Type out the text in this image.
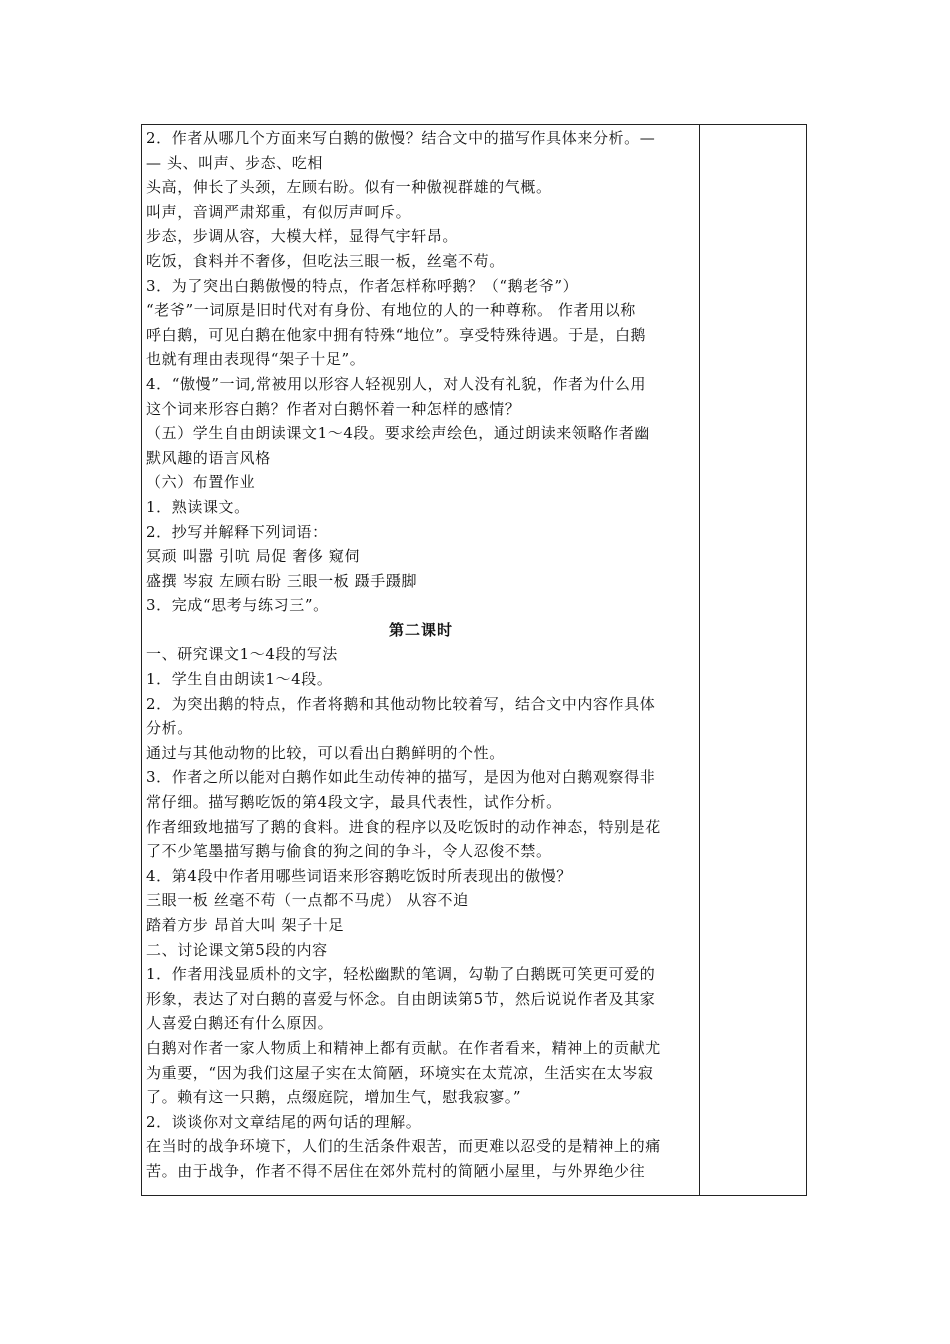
2．作者从哪几个方面来写白鹅的傲慢？结合文中的描写作具体来分析。—
— 头、叫声、步态、吃相
头高，伸长了头颈，左顾右盼。似有一种傲视群雄的气概。
叫声，音调严肃郑重，有似厉声呵斥。
步态，步调从容，大模大样，显得气宇轩昂。
吃饭，食料并不奢侈，但吃法三眼一板，丝毫不苟。
3．为了突出白鹅傲慢的特点，作者怎样称呼鹅？（“鹅老爷”）
“老爷”一词原是旧时代对有身份、有地位的人的一种尊称。 作者用以称
呼白鹅，可见白鹅在他家中拥有特殊“地位”。享受特殊待遇。于是，白鹅
也就有理由表现得“架子十足”。
4．“傲慢”一词,常被用以形容人轻视别人，对人没有礼貌，作者为什么用
这个词来形容白鹅？作者对白鹅怀着一种怎样的感情？
（五）学生自由朗读课文1～4段。要求绘声绘色，通过朗读来领略作者幽
默风趣的语言风格
（六）布置作业
1．熟读课文。
2．抄写并解释下列词语：
冥顽 叫嚣 引吭 局促 奢侈 窥伺
盛撰 岑寂 左顾右盼 三眼一板 蹑手蹑脚
3．完成“思考与练习三”。
第二课时
一、研究课文1～4段的写法
1．学生自由朗读1～4段。
2．为突出鹅的特点，作者将鹅和其他动物比较着写，结合文中内容作具体
分析。
通过与其他动物的比较，可以看出白鹅鲜明的个性。
3．作者之所以能对白鹅作如此生动传神的描写，是因为他对白鹅观察得非
常仔细。描写鹅吃饭的第4段文字，最具代表性，试作分析。
作者细致地描写了鹅的食料。进食的程序以及吃饭时的动作神态，特别是花
了不少笔墨描写鹅与偷食的狗之间的争斗，令人忍俊不禁。
4．第4段中作者用哪些词语来形容鹅吃饭时所表现出的傲慢？
三眼一板 丝毫不苟（一点都不马虎） 从容不迫
踏着方步 昂首大叫 架子十足
二、讨论课文第5段的内容
1．作者用浅显质朴的文字，轻松幽默的笔调，勾勒了白鹅既可笑更可爱的
形象，表达了对白鹅的喜爱与怀念。自由朗读第5节，然后说说作者及其家
人喜爱白鹅还有什么原因。
白鹅对作者一家人物质上和精神上都有贡献。在作者看来，精神上的贡献尤
为重要，“因为我们这屋子实在太简陋，环境实在太荒凉，生活实在太岑寂
了。赖有这一只鹅，点缀庭院，增加生气，慰我寂寥。”
2．谈谈你对文章结尾的两句话的理解。
在当时的战争环境下，人们的生活条件艰苦，而更难以忍受的是精神上的痛
苦。由于战争，作者不得不居住在郊外荒村的简陋小屋里，与外界绝少往
